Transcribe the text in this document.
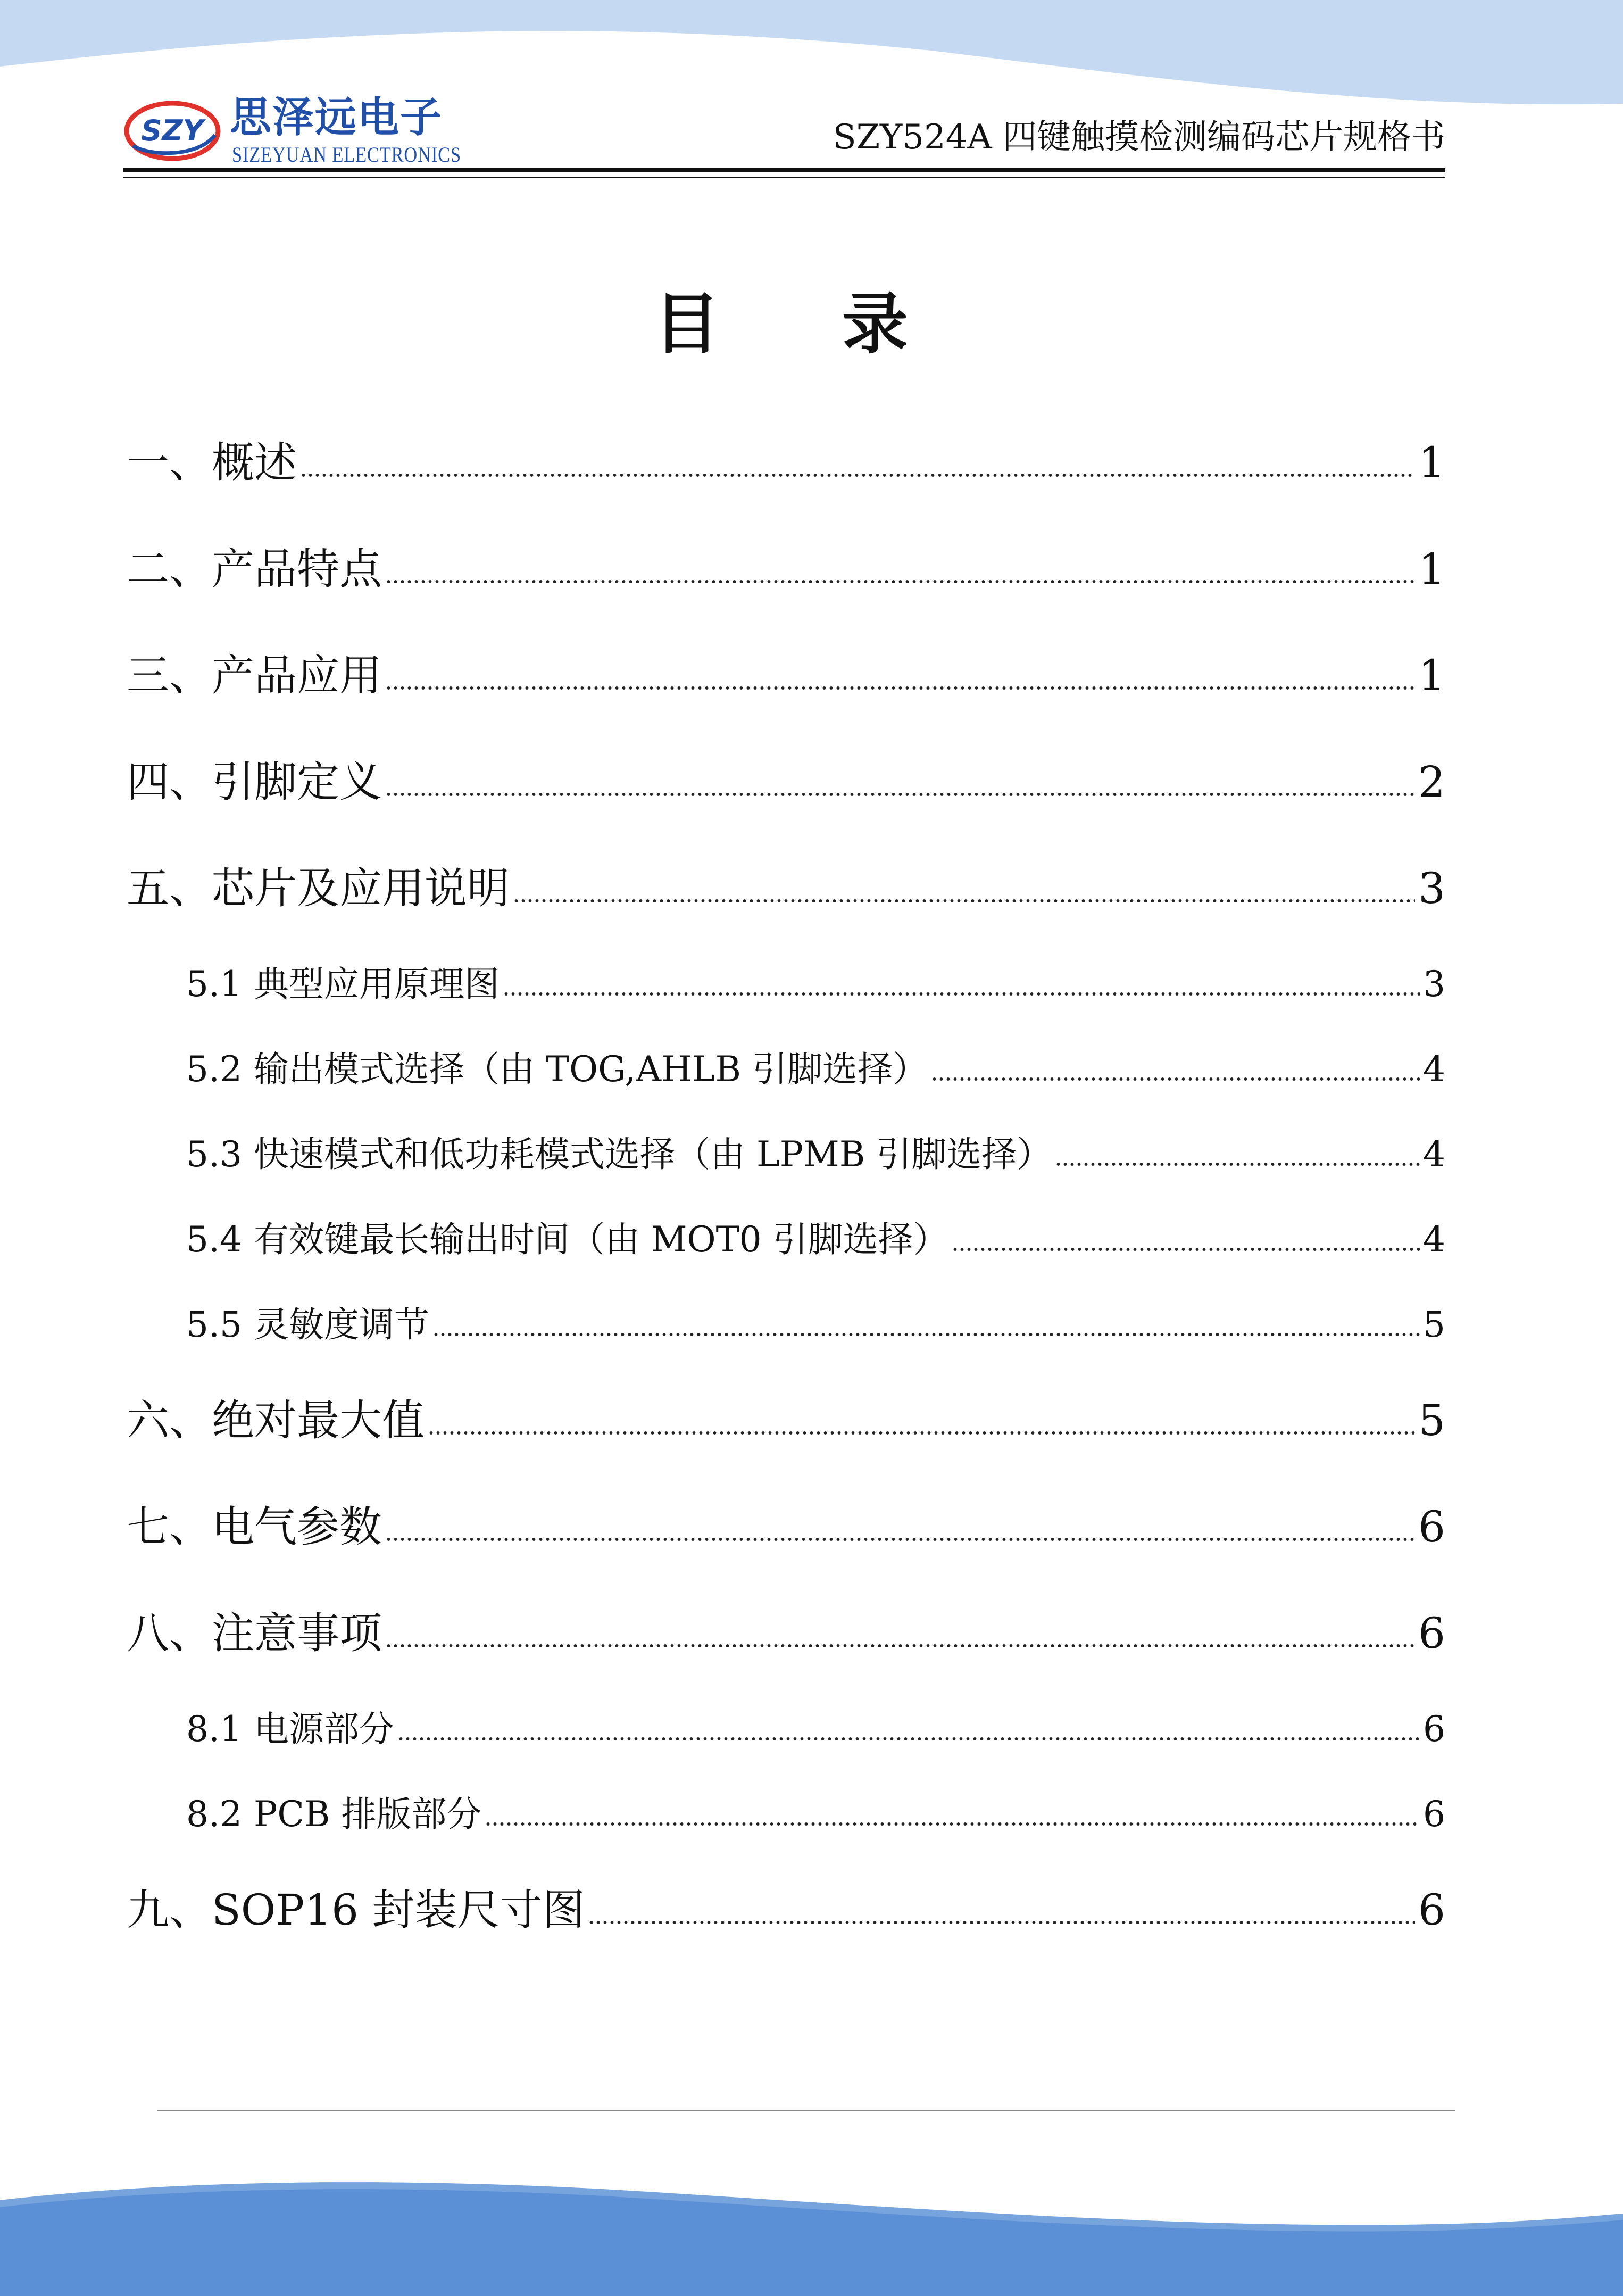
SZY 思泽远电子
SIZEYUAN ELECTRONICS	SZY524A 四键触摸检测编码芯片规格书
目录
一、概述	1
二、产品特点	1
三、产品应用	1
四、引脚定义	2
五、芯片及应用说明	3
5.1 典型应用原理图	3
5.2 输出模式选择（由 TOG,AHLB 引脚选择）	4
5.3 快速模式和低功耗模式选择（由 LPMB 引脚选择）	4
5.4 有效键最长输出时间（由 MOT0 引脚选择）	4
5.5 灵敏度调节	5
六、绝对最大值	5
七、电气参数	6
八、注意事项	6
8.1 电源部分	6
8.2 PCB 排版部分	6
九、SOP16 封装尺寸图	6
